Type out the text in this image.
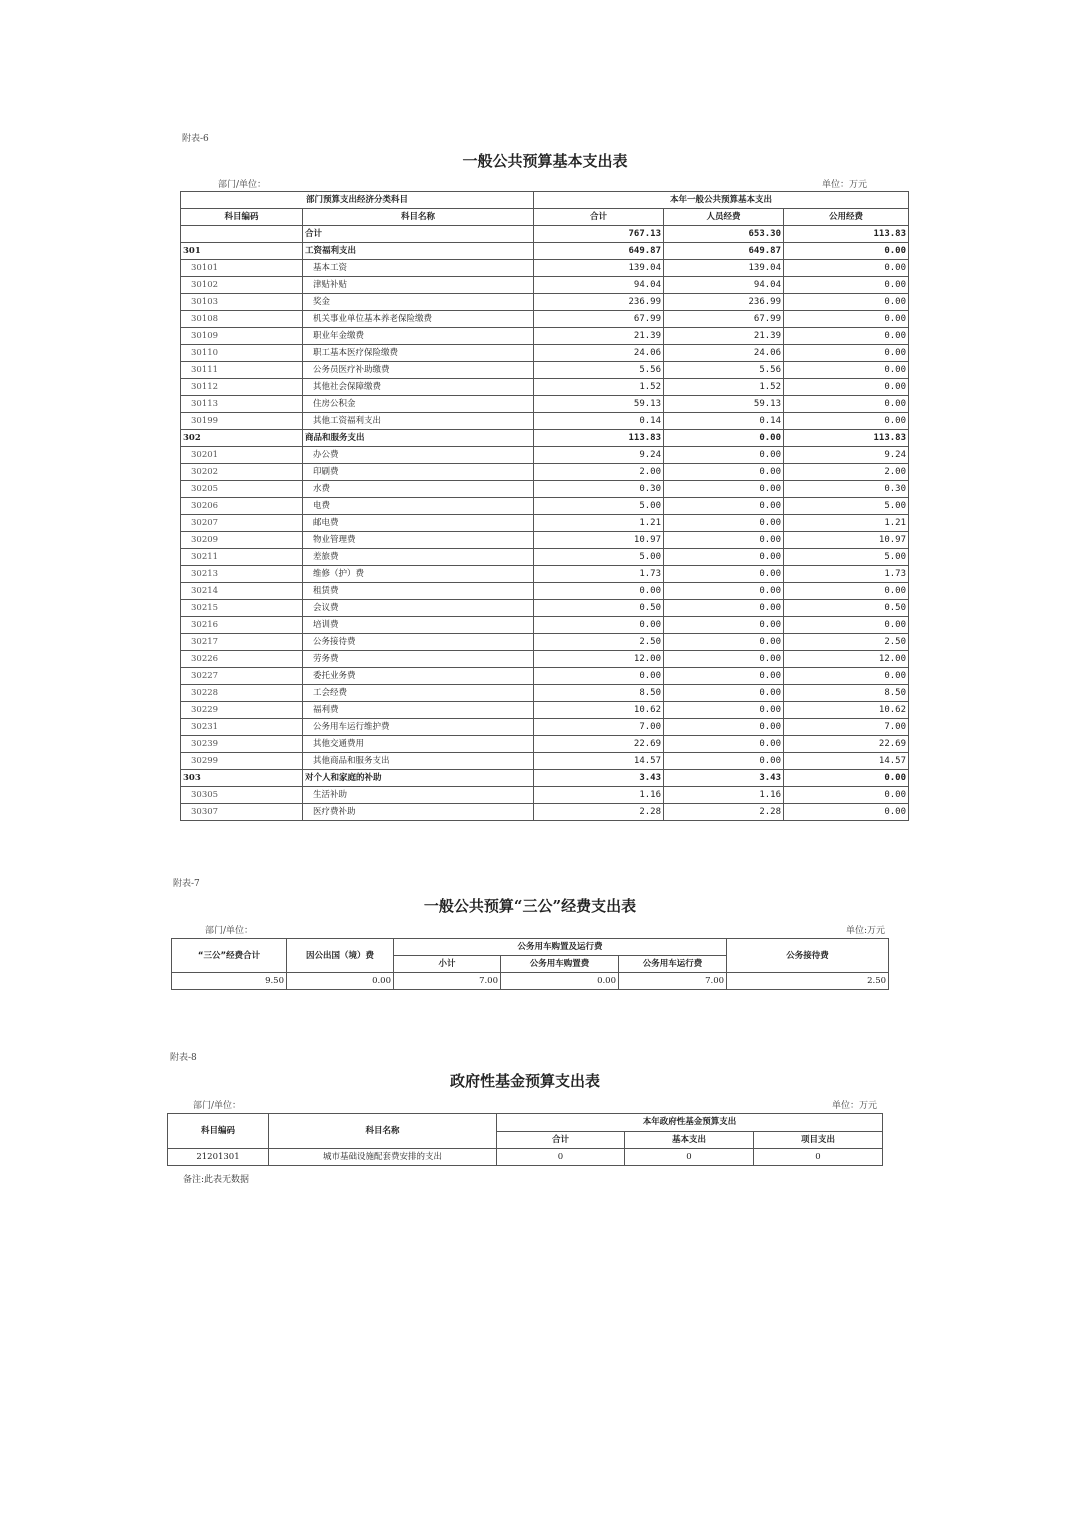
附表-6
一般公共预算基本支出表
部门/单位：	单位：万元
部门预算支出经济分类科目		本年一般公共预算基本支出		
科目编码	科目名称	合计	人员经费	公用经费
	合计	767.13	653.30	113.83
301	工资福利支出	649.87	649.87	0.00
30101	基本工资	139.04	139.04	0.00
30102	津贴补贴	94.04	94.04	0.00
30103	奖金	236.99	236.99	0.00
30108	机关事业单位基本养老保险缴费	67.99	67.99	0.00
30109	职业年金缴费	21.39	21.39	0.00
30110	职工基本医疗保险缴费	24.06	24.06	0.00
30111	公务员医疗补助缴费	5.56	5.56	0.00
30112	其他社会保障缴费	1.52	1.52	0.00
30113	住房公积金	59.13	59.13	0.00
30199	其他工资福利支出	0.14	0.14	0.00
302	商品和服务支出	113.83	0.00	113.83
30201	办公费	9.24	0.00	9.24
30202	印刷费	2.00	0.00	2.00
30205	水费	0.30	0.00	0.30
30206	电费	5.00	0.00	5.00
30207	邮电费	1.21	0.00	1.21
30209	物业管理费	10.97	0.00	10.97
30211	差旅费	5.00	0.00	5.00
30213	维修（护）费	1.73	0.00	1.73
30214	租赁费	0.00	0.00	0.00
30215	会议费	0.50	0.00	0.50
30216	培训费	0.00	0.00	0.00
30217	公务接待费	2.50	0.00	2.50
30226	劳务费	12.00	0.00	12.00
30227	委托业务费	0.00	0.00	0.00
30228	工会经费	8.50	0.00	8.50
30229	福利费	10.62	0.00	10.62
30231	公务用车运行维护费	7.00	0.00	7.00
30239	其他交通费用	22.69	0.00	22.69
30299	其他商品和服务支出	14.57	0.00	14.57
303	对个人和家庭的补助	3.43	3.43	0.00
30305	生活补助	1.16	1.16	0.00
30307	医疗费补助	2.28	2.28	0.00
附表-7
一般公共预算“三公”经费支出表
部门/单位：	单位:万元
“三公”经费合计	因公出国（境）费	公务用车购置及运行费			公务接待费
		小计	公务用车购置费	公务用车运行费	
9.50	0.00	7.00	0.00	7.00	2.50
附表-8
政府性基金预算支出表
部门/单位：	单位：万元
科目编码	科目名称	本年政府性基金预算支出		
		合计	基本支出	项目支出
21201301	城市基础设施配套费安排的支出	0	0	0
备注:此表无数据
